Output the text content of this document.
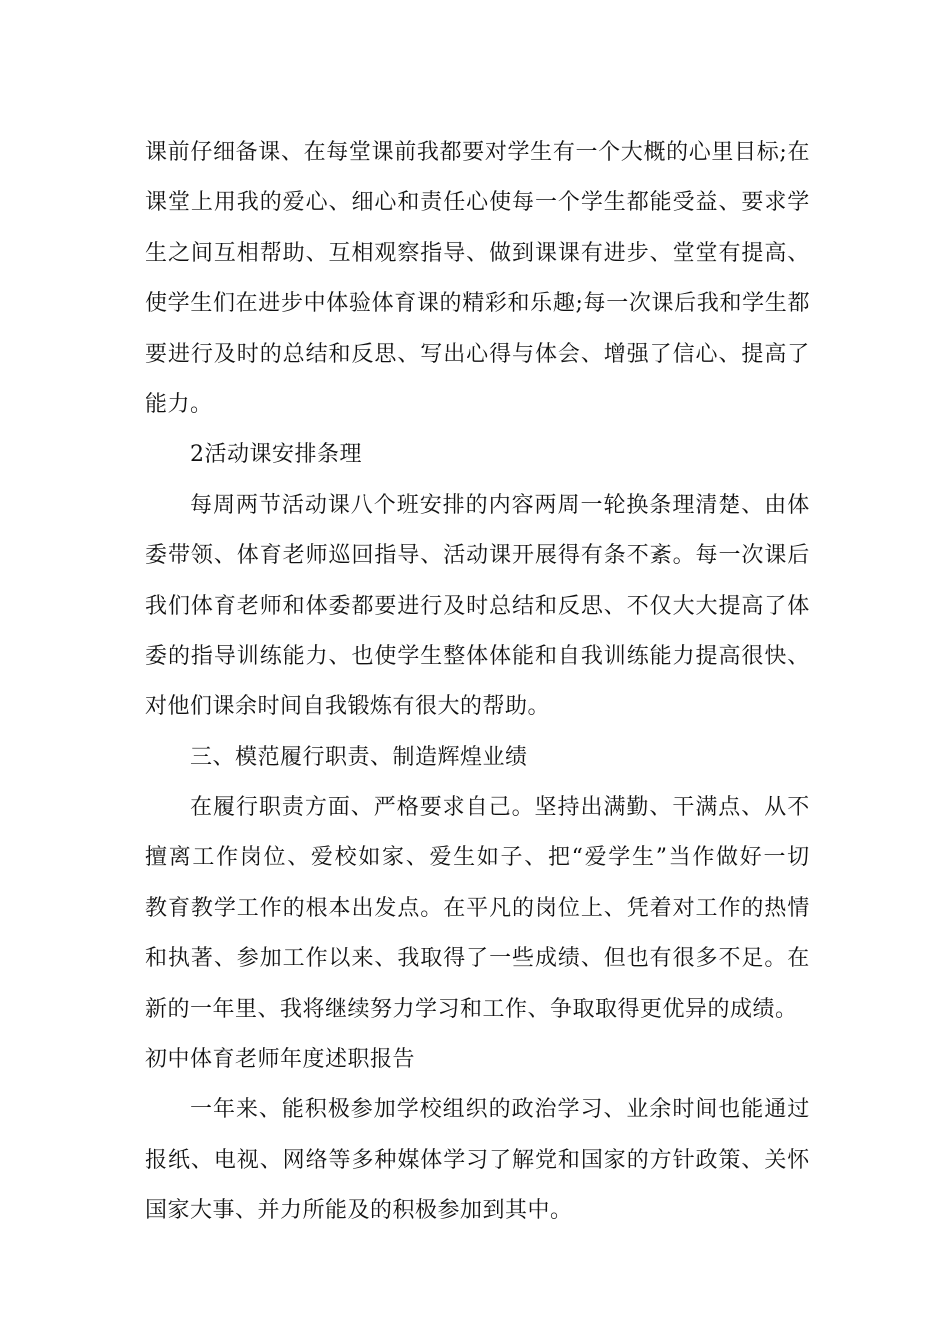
课 前 仔 细 备 课 、 在 每 堂 课 前 我 都 要 对 学 生 有 一 个 大 概 的 心 里 目 标 ; 在
课 堂 上 用 我 的 爱 心 、 细 心 和 责 任 心 使 每 一 个 学 生 都 能 受 益 、 要 求 学
生 之 间 互 相 帮 助 、 互 相 观 察 指 导 、 做 到 课 课 有 进 步 、 堂 堂 有 提 高 、
使 学 生 们 在 进 步 中 体 验 体 育 课 的 精 彩 和 乐 趣 ; 每 一 次 课 后 我 和 学 生 都
要 进 行 及 时 的 总 结 和 反 思 、 写 出 心 得 与 体 会 、 增 强 了 信 心 、 提 高 了
能力。
2活动课安排条理
每 周 两 节 活 动 课 八 个 班 安 排 的 内 容 两 周 一 轮 换 条 理 清 楚 、 由 体
委 带 领 、 体 育 老 师 巡 回 指 导 、 活 动 课 开 展 得 有 条 不 紊 。 每 一 次 课 后
我 们 体 育 老 师 和 体 委 都 要 进 行 及 时 总 结 和 反 思 、 不 仅 大 大 提 高 了 体
委 的 指 导 训 练 能 力 、 也 使 学 生 整 体 体 能 和 自 我 训 练 能 力 提 高 很 快 、
对他们课余时间自我锻炼有很大的帮助。
三、模范履行职责、制造辉煌业绩
在 履 行 职 责 方 面 、 严 格 要 求 自 己 。 坚 持 出 满 勤 、 干 满 点 、 从 不
擅 离 工 作 岗 位 、 爱 校 如 家 、 爱 生 如 子 、 把 “ 爱 学 生 ” 当 作 做 好 一 切
教 育 教 学 工 作 的 根 本 出 发 点 。 在 平 凡 的 岗 位 上 、 凭 着 对 工 作 的 热 情
和 执 著 、 参 加 工 作 以 来 、 我 取 得 了 一 些 成 绩 、 但 也 有 很 多 不 足 。 在
新的一年里、我将继续努力学习和工作、争取取得更优异的成绩。
初中体育老师年度述职报告
一 年 来 、 能 积 极 参 加 学 校 组 织 的 政 治 学 习 、 业 余 时 间 也 能 通 过
报 纸 、 电 视 、 网 络 等 多 种 媒 体 学 习 了 解 党 和 国 家 的 方 针 政 策 、 关 怀
国家大事、并力所能及的积极参加到其中。
